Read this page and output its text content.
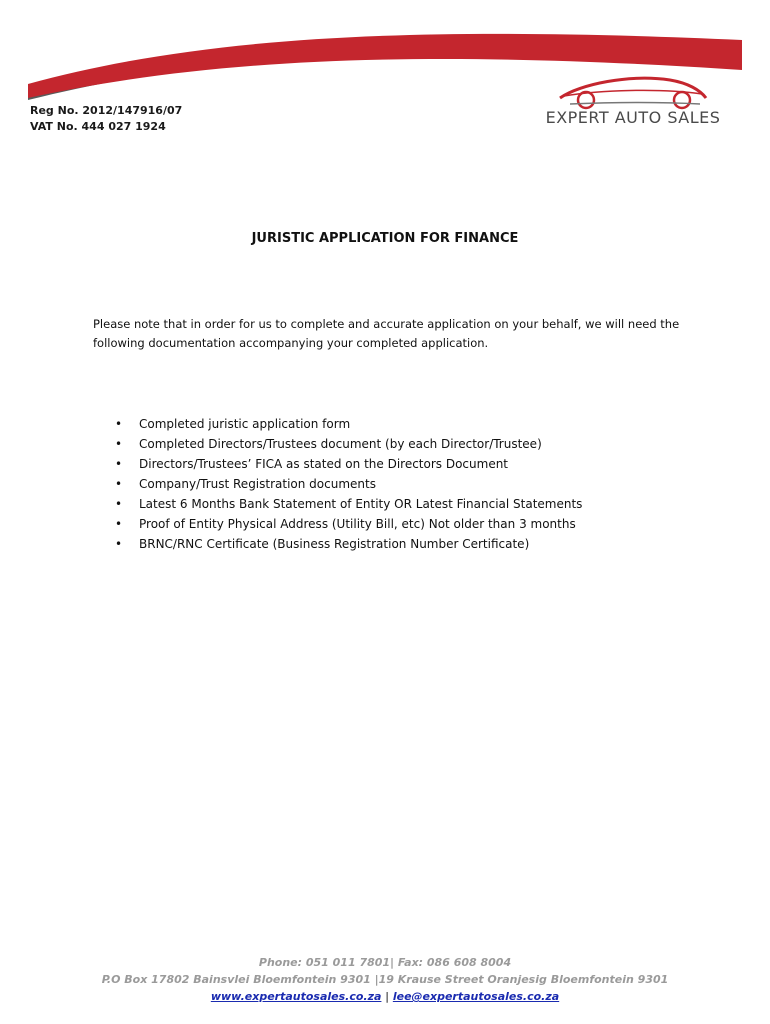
Reg No. 2012/147916/07
VAT No. 444 027 1924	EXPERT AUTO SALES
JURISTIC APPLICATION FOR FINANCE
Please note that in order for us to complete and accurate application on your behalf, we will need the following documentation accompanying your completed application.
• Completed juristic application form
• Completed Directors/Trustees document (by each Director/Trustee)
• Directors/Trustees’ FICA as stated on the Directors Document
• Company/Trust Registration documents
• Latest 6 Months Bank Statement of Entity OR Latest Financial Statements
• Proof of Entity Physical Address (Utility Bill, etc) Not older than 3 months
• BRNC/RNC Certificate (Business Registration Number Certificate)
Phone: 051 011 7801| Fax: 086 608 8004
P.O Box 17802 Bainsvlei Bloemfontein 9301 |19 Krause Street Oranjesig Bloemfontein 9301
www.expertautosales.co.za | lee@expertautosales.co.za
